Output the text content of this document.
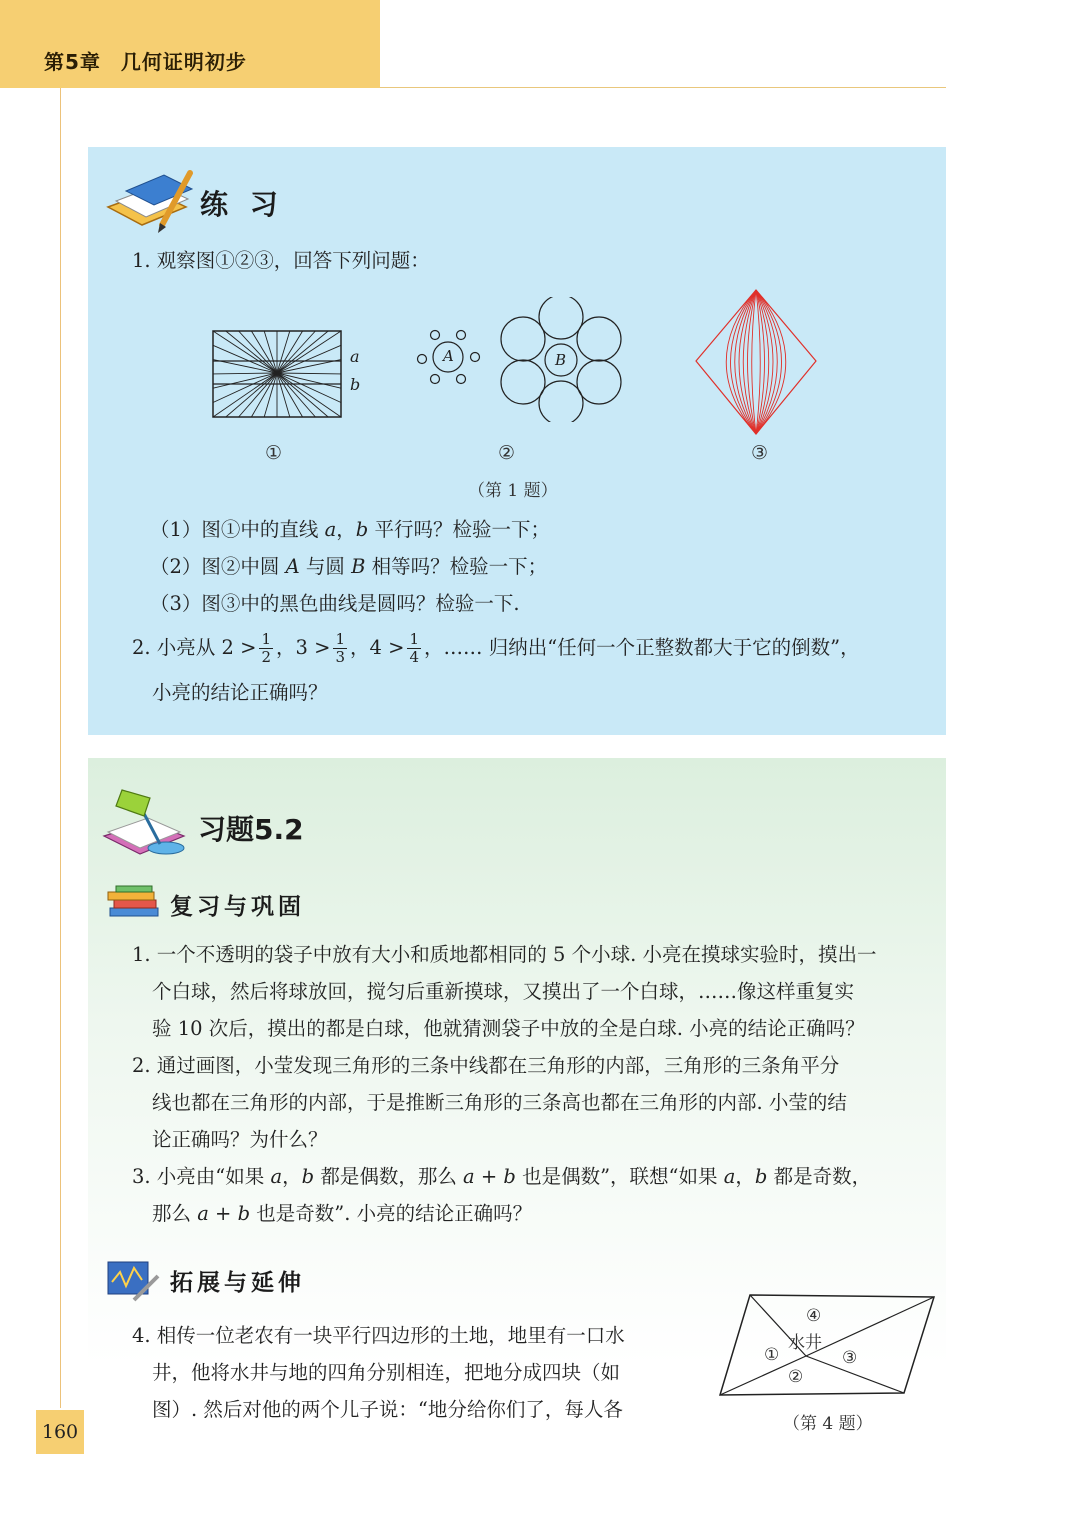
第5章 几何证明初步
160
练 习
1. 观察图①②③，回答下列问题：
a
b
A	B
①	②	③
（第 1 题）
（1）图①中的直线 a，b 平行吗？检验一下；
（2）图②中圆 A 与圆 B 相等吗？检验一下；
（3）图③中的黑色曲线是圆吗？检验一下.
2. 小亮从 $2 > \frac{1}{2}$ ，$3 > \frac{1}{3}$ ，$4 > \frac{1}{4}$ ，…… 归纳出“任何一个正整数都大于它的倒数”，
小亮的结论正确吗？
习题5.2
复习与巩固
1. 一个不透明的袋子中放有大小和质地都相同的 5 个小球. 小亮在摸球实验时，摸出一
个白球，然后将球放回，搅匀后重新摸球，又摸出了一个白球，……像这样重复实
验 10 次后，摸出的都是白球，他就猜测袋子中放的全是白球. 小亮的结论正确吗？
2. 通过画图，小莹发现三角形的三条中线都在三角形的内部，三角形的三条角平分
线也都在三角形的内部，于是推断三角形的三条高也都在三角形的内部. 小莹的结
论正确吗？为什么？
3. 小亮由“如果 a，b 都是偶数，那么 a + b 也是偶数”，联想“如果 a，b 都是奇数，
那么 a + b 也是奇数”. 小亮的结论正确吗？
拓展与延伸
4. 相传一位老农有一块平行四边形的土地，地里有一口水
井，他将水井与地的四角分别相连，把地分成四块（如
图）. 然后对他的两个儿子说：“地分给你们了，每人各
④
水井
①	③
②
（第 4 题）
